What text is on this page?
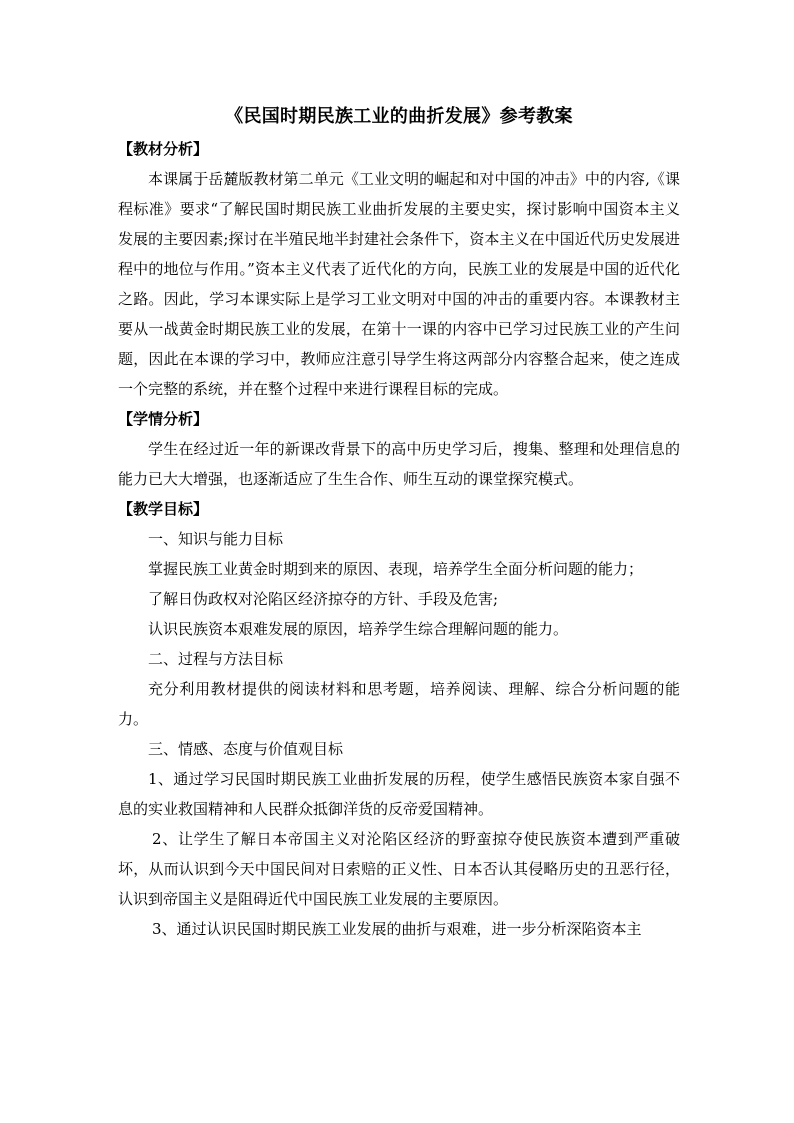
《民国时期民族工业的曲折发展》参考教案

【教材分析】

本课属于岳麓版教材第二单元《工业文明的崛起和对中国的冲击》中的内容,《课程标准》要求“了解民国时期民族工业曲折发展的主要史实，探讨影响中国资本主义发展的主要因素;探讨在半殖民地半封建社会条件下，资本主义在中国近代历史发展进程中的地位与作用。”资本主义代表了近代化的方向，民族工业的发展是中国的近代化之路。因此，学习本课实际上是学习工业文明对中国的冲击的重要内容。本课教材主要从一战黄金时期民族工业的发展，在第十一课的内容中已学习过民族工业的产生问题，因此在本课的学习中，教师应注意引导学生将这两部分内容整合起来，使之连成一个完整的系统，并在整个过程中来进行课程目标的完成。

【学情分析】

学生在经过近一年的新课改背景下的高中历史学习后，搜集、整理和处理信息的能力已大大增强，也逐渐适应了生生合作、师生互动的课堂探究模式。

【教学目标】

一、知识与能力目标

掌握民族工业黄金时期到来的原因、表现，培养学生全面分析问题的能力；

了解日伪政权对沦陷区经济掠夺的方针、手段及危害;

认识民族资本艰难发展的原因，培养学生综合理解问题的能力。

二、过程与方法目标

充分利用教材提供的阅读材料和思考题，培养阅读、理解、综合分析问题的能力。

三、情感、态度与价值观目标

1、通过学习民国时期民族工业曲折发展的历程，使学生感悟民族资本家自强不息的实业救国精神和人民群众抵御洋货的反帝爱国精神。

2、让学生了解日本帝国主义对沦陷区经济的野蛮掠夺使民族资本遭到严重破坏，从而认识到今天中国民间对日索赔的正义性、日本否认其侵略历史的丑恶行径，认识到帝国主义是阻碍近代中国民族工业发展的主要原因。

3、通过认识民国时期民族工业发展的曲折与艰难，进一步分析深陷资本主
